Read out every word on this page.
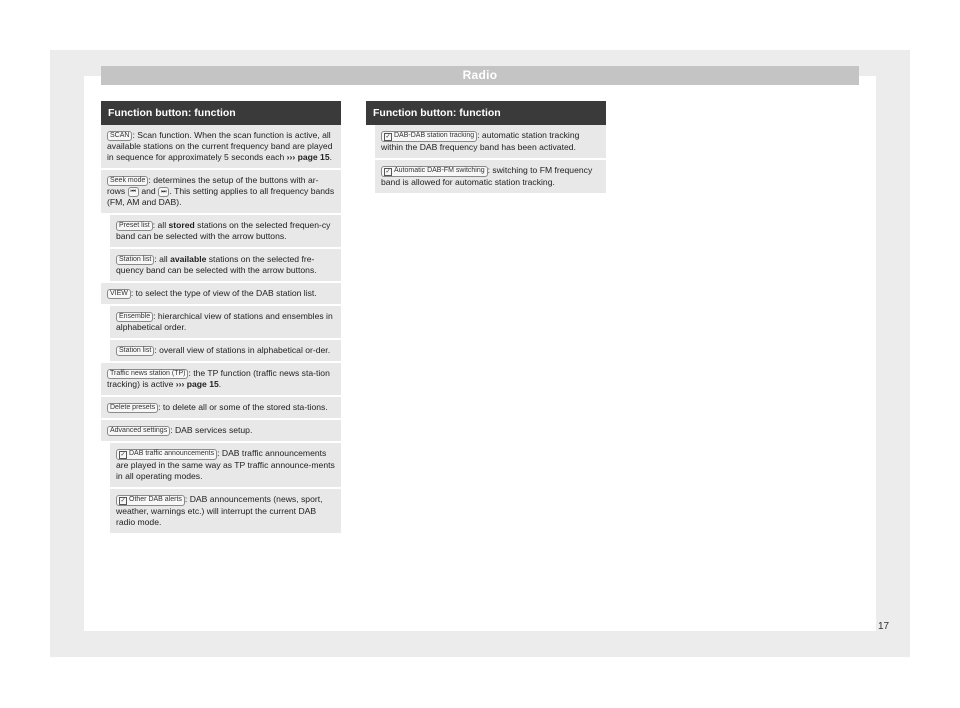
Radio
Function button: function
SCAN : Scan function. When the scan function is active, all available stations on the current frequency band are played in sequence for approximately 5 seconds each ››› page 15.
Seek mode : determines the setup of the buttons with ar-rows ⏮ and ⏭ . This setting applies to all frequency bands (FM, AM and DAB).
Preset list : all stored stations on the selected frequen-cy band can be selected with the arrow buttons.
Station list : all available stations on the selected fre-quency band can be selected with the arrow buttons.
VIEW : to select the type of view of the DAB station list.
Ensemble : hierarchical view of stations and ensembles in alphabetical order.
Station list : overall view of stations in alphabetical or-der.
Traffic news station (TP) : the TP function (traffic news sta-tion tracking) is active ››› page 15.
Delete presets : to delete all or some of the stored sta-tions.
Advanced settings : DAB services setup.
✓ DAB traffic announcements : DAB traffic announcements are played in the same way as TP traffic announce-ments in all operating modes.
✓ Other DAB alerts : DAB announcements (news, sport, weather, warnings etc.) will interrupt the current DAB radio mode.
Function button: function
✓ DAB-DAB station tracking : automatic station tracking within the DAB frequency band has been activated.
✓ Automatic DAB-FM switching : switching to FM frequency band is allowed for automatic station tracking.
17
